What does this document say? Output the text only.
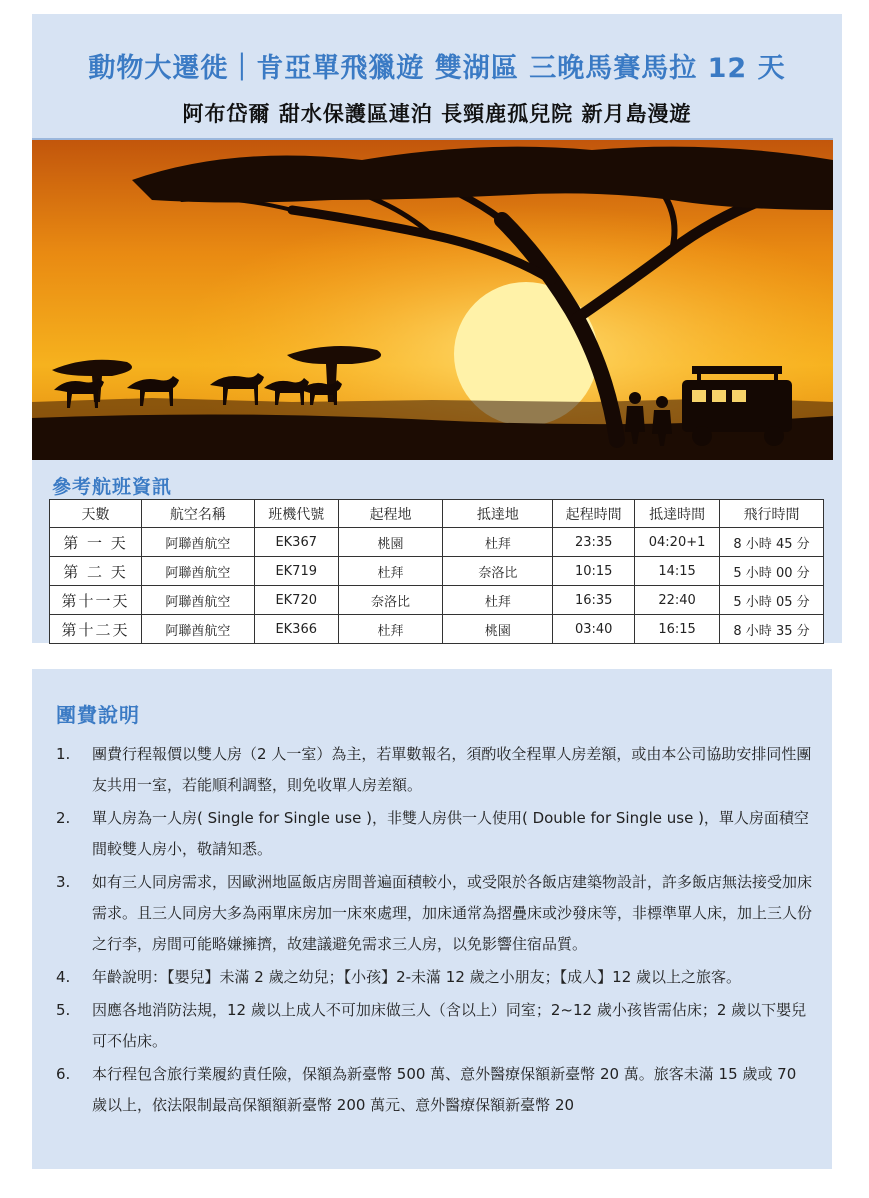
動物大遷徙｜肯亞單飛獵遊 雙湖區 三晚馬賽馬拉 12 天
阿布岱爾 甜水保護區連泊 長頸鹿孤兒院 新月島漫遊
參考航班資訊
天數	航空名稱	班機代號	起程地	抵達地	起程時間	抵達時間	飛行時間
第 一 天	阿聯酋航空	EK367	桃園	杜拜	23:35	04:20+1	8 小時 45 分
第 二 天	阿聯酋航空	EK719	杜拜	奈洛比	10:15	14:15	5 小時 00 分
第十一天	阿聯酋航空	EK720	奈洛比	杜拜	16:35	22:40	5 小時 05 分
第十二天	阿聯酋航空	EK366	杜拜	桃園	03:40	16:15	8 小時 35 分
團費說明
1. 團費行程報價以雙人房（2 人一室）為主，若單數報名，須酌收全程單人房差額，或由本公司協助安排同性團友共用一室，若能順利調整，則免收單人房差額。
2. 單人房為一人房( Single for Single use )，非雙人房供一人使用( Double for Single use )，單人房面積空間較雙人房小，敬請知悉。
3. 如有三人同房需求，因歐洲地區飯店房間普遍面積較小，或受限於各飯店建築物設計，許多飯店無法接受加床需求。且三人同房大多為兩單床房加一床來處理，加床通常為摺疊床或沙發床等，非標準單人床，加上三人份之行李，房間可能略嫌擁擠，故建議避免需求三人房，以免影響住宿品質。
4. 年齡說明：【嬰兒】未滿 2 歲之幼兒；【小孩】2-未滿 12 歲之小朋友；【成人】12 歲以上之旅客。
5. 因應各地消防法規，12 歲以上成人不可加床做三人（含以上）同室；2~12 歲小孩皆需佔床；2 歲以下嬰兒可不佔床。
6. 本行程包含旅行業履約責任險，保額為新臺幣 500 萬、意外醫療保額新臺幣 20 萬。旅客未滿 15 歲或 70 歲以上，依法限制最高保額額新臺幣 200 萬元、意外醫療保額新臺幣 20
